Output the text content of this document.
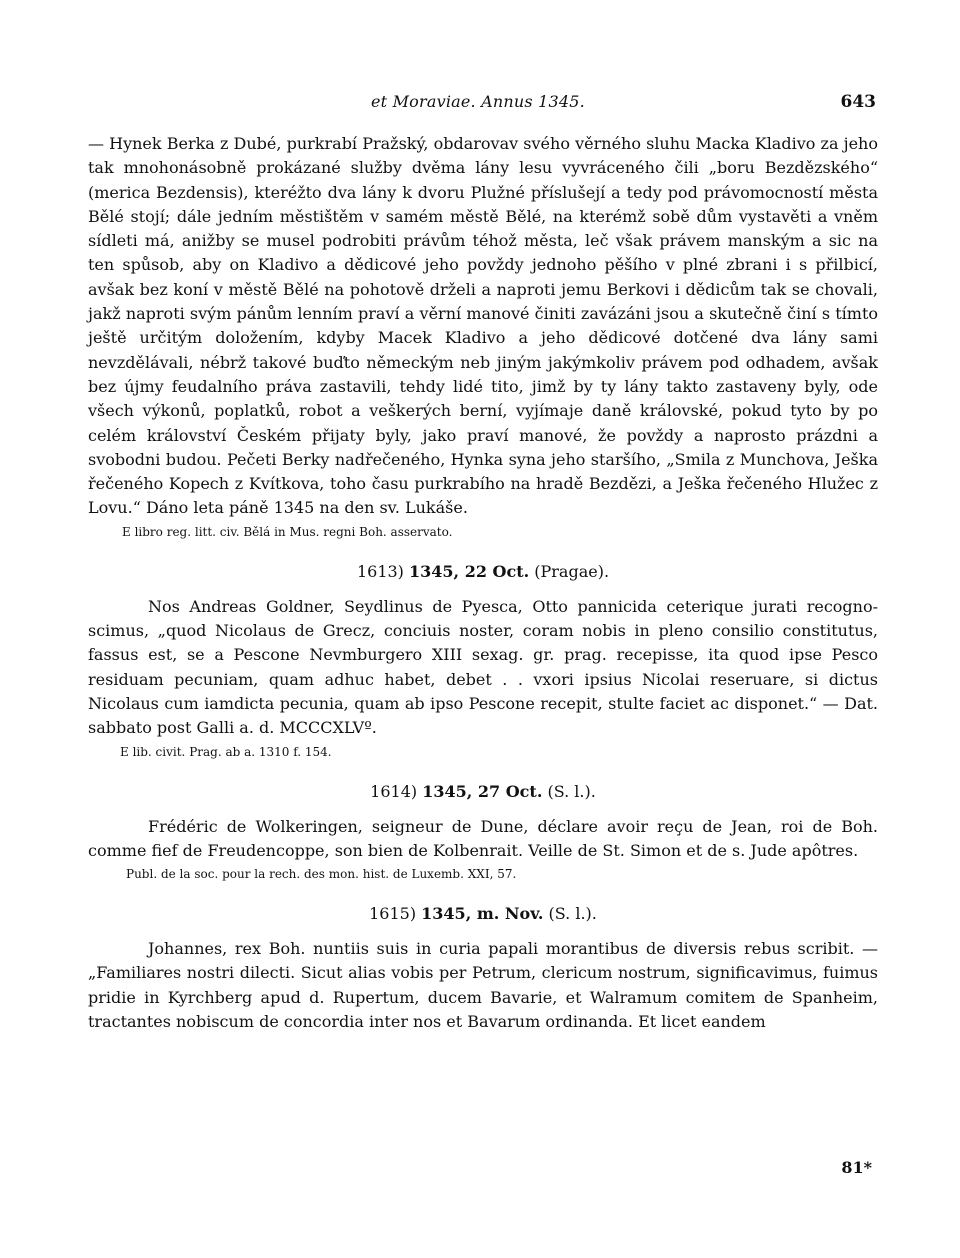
et Moraviae. Annus 1345.	643

— Hynek Berka z Dubé, purkrabí Pražský, obdarovav svého věrného sluhu Macka Kladivo za jeho tak mnohonásobně prokázané služby dvěma lány lesu vyvráceného čili „boru Bezdězského“ (merica Bezdensis), kteréžto dva lány k dvoru Plužné příslušejí a tedy pod právomocností města Bělé stojí; dále jedním městištěm v samém městě Bělé, na kterémž sobě dům vystavěti a vněm sídleti má, anižby se musel podrobiti právům téhož města, leč však právem manským a sic na ten spůsob, aby on Kladivo a dědicové jeho povždy jednoho pěšího v plné zbrani i s přilbicí, avšak bez koní v městě Bělé na pohotově drželi a naproti jemu Berkovi i dědicům tak se chovali, jakž naproti svým pánům lenním praví a věrní manové činiti zavázáni jsou a skutečně činí s tímto ještě určitým doložením, kdyby Macek Kladivo a jeho dědicové dotčené dva lány sami nevzdělávali, nébrž takové buďto německým neb jiným jakýmkoliv právem pod odhadem, avšak bez újmy feudalního práva zastavili, tehdy lidé tito, jimž by ty lány takto zastaveny byly, ode všech výkonů, poplatků, robot a veškerých berní, vyjímaje daně královské, pokud tyto by po celém království Českém přijaty byly, jako praví manové, že povždy a naprosto prázdni a svobodni budou. Pečeti Berky nadřečeného, Hynka syna jeho staršího, „Smila z Munchova, Ješka řečeného Kopech z Kvítkova, toho času purkrabího na hradě Bezdězi, a Ješka řečeného Hlužec z Lovu.“ Dáno leta páně 1345 na den sv. Lukáše.

E libro reg. litt. civ. Bělá in Mus. regni Boh. asservato.
1613) 1345, 22 Oct. (Pragae).

Nos Andreas Goldner, Seydlinus de Pyesca, Otto pannicida ceterique jurati recognoscimus, „quod Nicolaus de Grecz, conciuis noster, coram nobis in pleno consilio constitutus, fassus est, se a Pescone Nevmburgero XIII sexag. gr. prag. recepisse, ita quod ipse Pesco residuam pecuniam, quam adhuc habet, debet . . vxori ipsius Nicolai reseruare, si dictus Nicolaus cum iamdicta pecunia, quam ab ipso Pescone recepit, stulte faciet ac disponet.“ — Dat. sabbato post Galli a. d. MCCCXLVº.

E lib. civit. Prag. ab a. 1310 f. 154.
1614) 1345, 27 Oct. (S. l.).

Frédéric de Wolkeringen, seigneur de Dune, déclare avoir reçu de Jean, roi de Boh. comme fief de Freudencoppe, son bien de Kolbenrait. Veille de St. Simon et de s. Jude apôtres.

Publ. de la soc. pour la rech. des mon. hist. de Luxemb. XXI, 57.
1615) 1345, m. Nov. (S. l.).

Johannes, rex Boh. nuntiis suis in curia papali morantibus de diversis rebus scribit. — „Familiares nostri dilecti. Sicut alias vobis per Petrum, clericum nostrum, significavimus, fuimus pridie in Kyrchberg apud d. Rupertum, ducem Bavarie, et Walramum comitem de Spanheim, tractantes nobiscum de concordia inter nos et Bavarum ordinanda. Et licet eandem

81*
